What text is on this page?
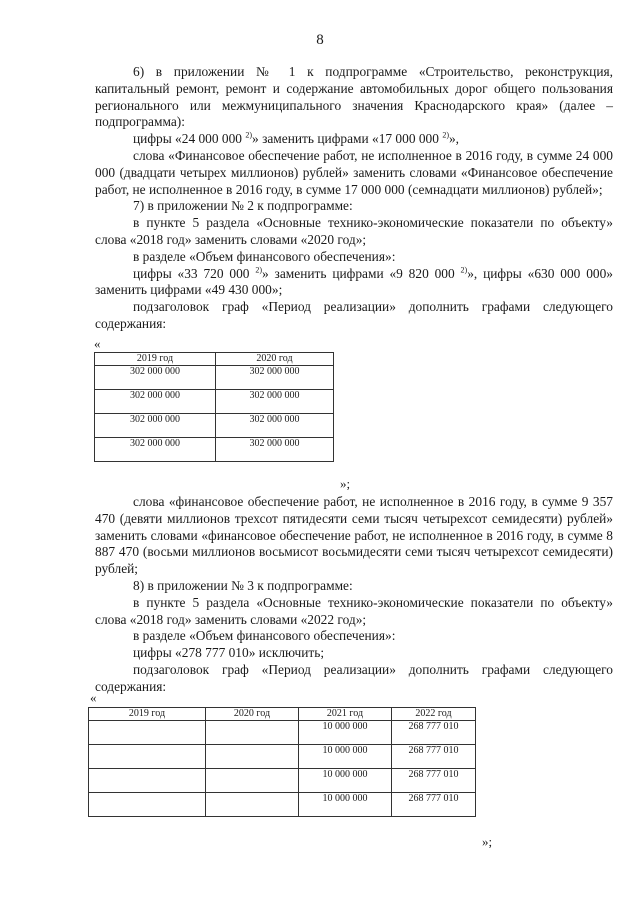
8

6) в приложении № 1 к подпрограмме «Строительство, реконструкция, капитальный ремонт, ремонт и содержание автомобильных дорог общего пользования регионального или межмуниципального значения Краснодарского края» (далее – подпрограмма):

цифры «24 000 000 $^{2)}$» заменить цифрами «17 000 000 $^{2)}$»,

слова «Финансовое обеспечение работ, не исполненное в 2016 году, в сумме 24 000 000 (двадцати четырех миллионов) рублей» заменить словами «Финансовое обеспечение работ, не исполненное в 2016 году, в сумме 17 000 000 (семнадцати миллионов) рублей»;

7) в приложении № 2 к подпрограмме:

в пункте 5 раздела «Основные технико-экономические показатели по объекту» слова «2018 год» заменить словами «2020 год»;

в разделе «Объем финансового обеспечения»:

цифры «33 720 000 $^{2)}$» заменить цифрами «9 820 000 $^{2)}$», цифры «630 000 000» заменить цифрами «49 430 000»;

подзаголовок граф «Период реализации» дополнить графами следующего содержания:

«
2019 год	2020 год
302 000 000	302 000 000
302 000 000	302 000 000
302 000 000	302 000 000
302 000 000	302 000 000
»;

слова «финансовое обеспечение работ, не исполненное в 2016 году, в сумме 9 357 470 (девяти миллионов трехсот пятидесяти семи тысяч четырехсот семидесяти) рублей» заменить словами «финансовое обеспечение работ, не исполненное в 2016 году, в сумме 8 887 470 (восьми миллионов восьмисот восьмидесяти семи тысяч четырехсот семидесяти) рублей;

8) в приложении № 3 к подпрограмме:

в пункте 5 раздела «Основные технико-экономические показатели по объекту» слова «2018 год» заменить словами «2022 год»;

в разделе «Объем финансового обеспечения»:

цифры «278 777 010» исключить;

подзаголовок граф «Период реализации» дополнить графами следующего содержания:

«
2019 год	2020 год	2021 год	2022 год
		10 000 000	268 777 010
		10 000 000	268 777 010
		10 000 000	268 777 010
		10 000 000	268 777 010
»;
